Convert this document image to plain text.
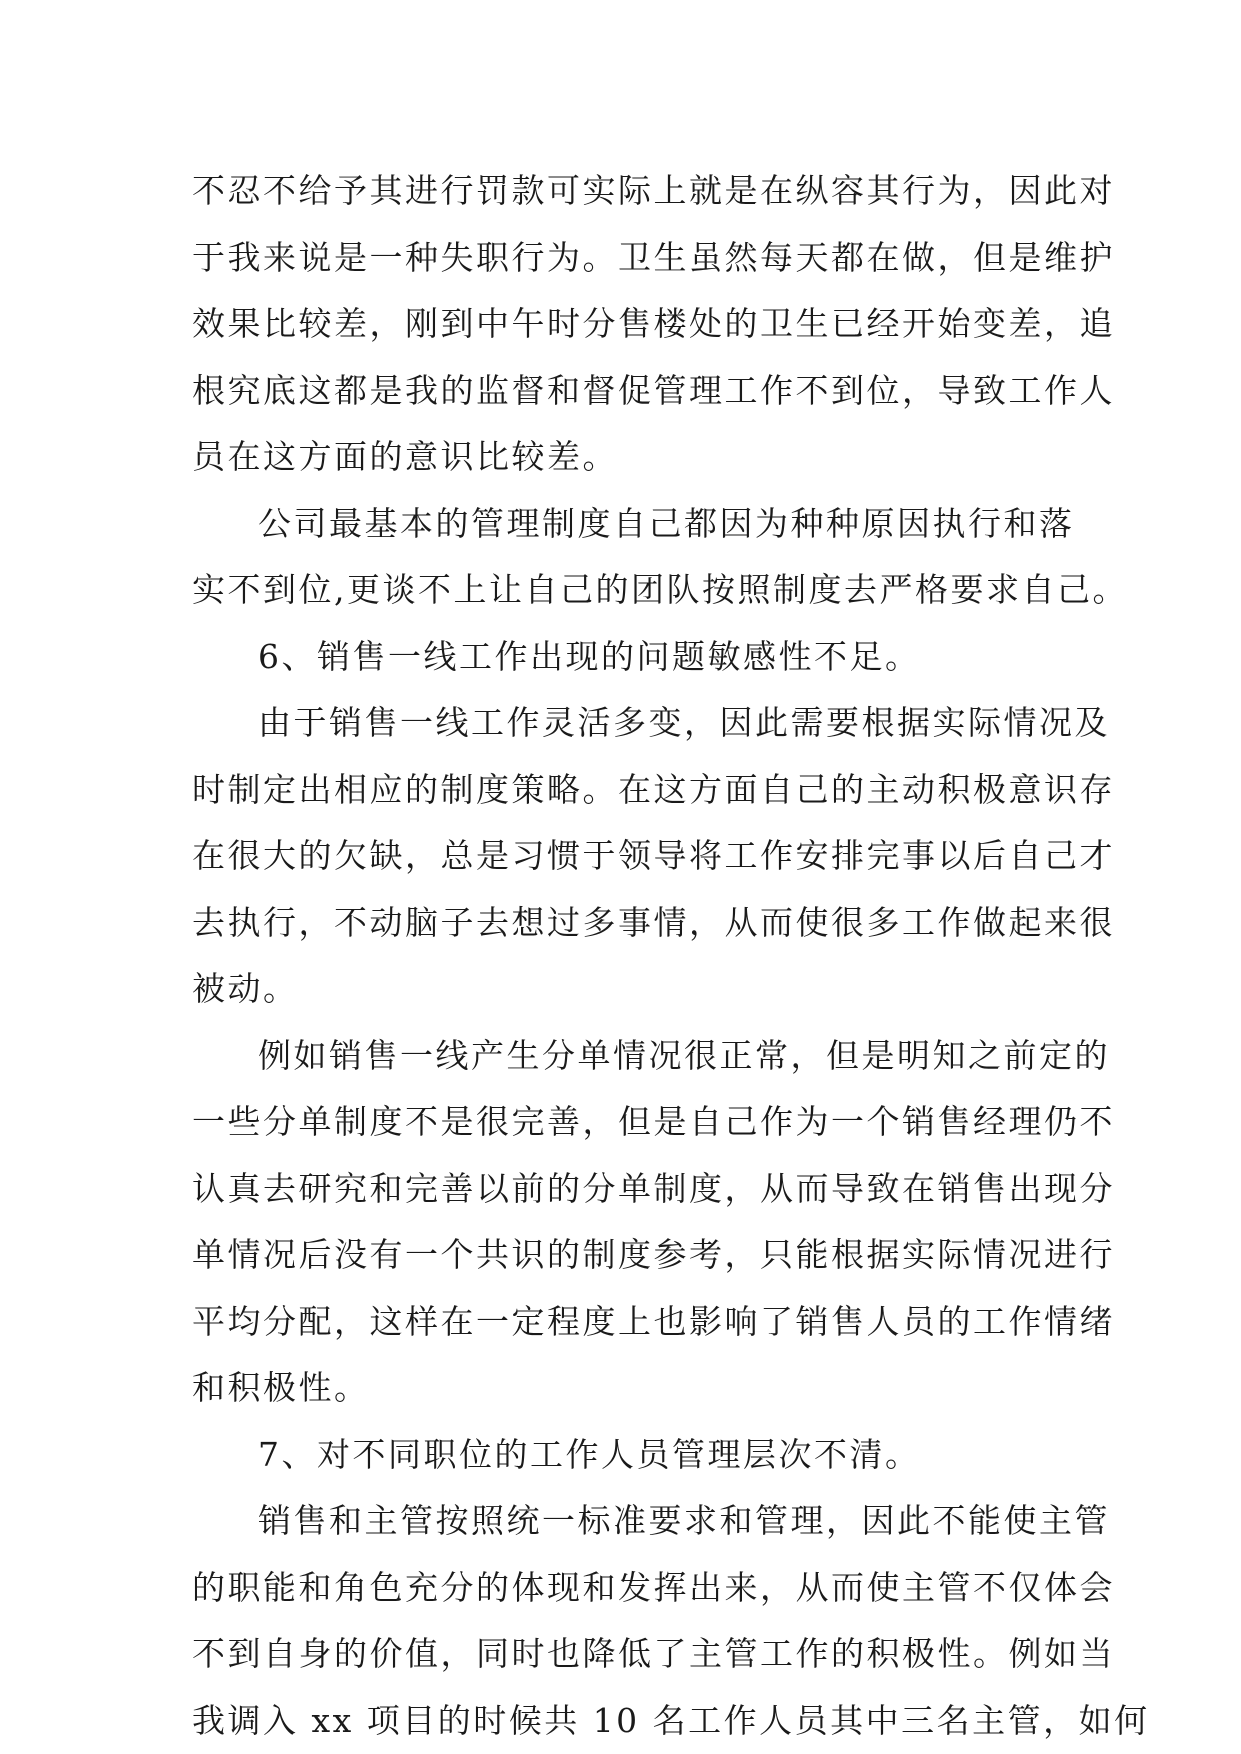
不忍不给予其进行罚款可实际上就是在纵容其行为，因此对
于我来说是一种失职行为。卫生虽然每天都在做，但是维护
效果比较差，刚到中午时分售楼处的卫生已经开始变差，追
根究底这都是我的监督和督促管理工作不到位，导致工作人
员在这方面的意识比较差。
公司最基本的管理制度自己都因为种种原因执行和落
实不到位,更谈不上让自己的团队按照制度去严格要求自己。
6、销售一线工作出现的问题敏感性不足。
由于销售一线工作灵活多变，因此需要根据实际情况及
时制定出相应的制度策略。在这方面自己的主动积极意识存
在很大的欠缺，总是习惯于领导将工作安排完事以后自己才
去执行，不动脑子去想过多事情，从而使很多工作做起来很
被动。
例如销售一线产生分单情况很正常，但是明知之前定的
一些分单制度不是很完善，但是自己作为一个销售经理仍不
认真去研究和完善以前的分单制度，从而导致在销售出现分
单情况后没有一个共识的制度参考，只能根据实际情况进行
平均分配，这样在一定程度上也影响了销售人员的工作情绪
和积极性。
7、对不同职位的工作人员管理层次不清。
销售和主管按照统一标准要求和管理，因此不能使主管
的职能和角色充分的体现和发挥出来，从而使主管不仅体会
不到自身的价值，同时也降低了主管工作的积极性。例如当
我调入 xx 项目的时候共 10 名工作人员其中三名主管，如何
